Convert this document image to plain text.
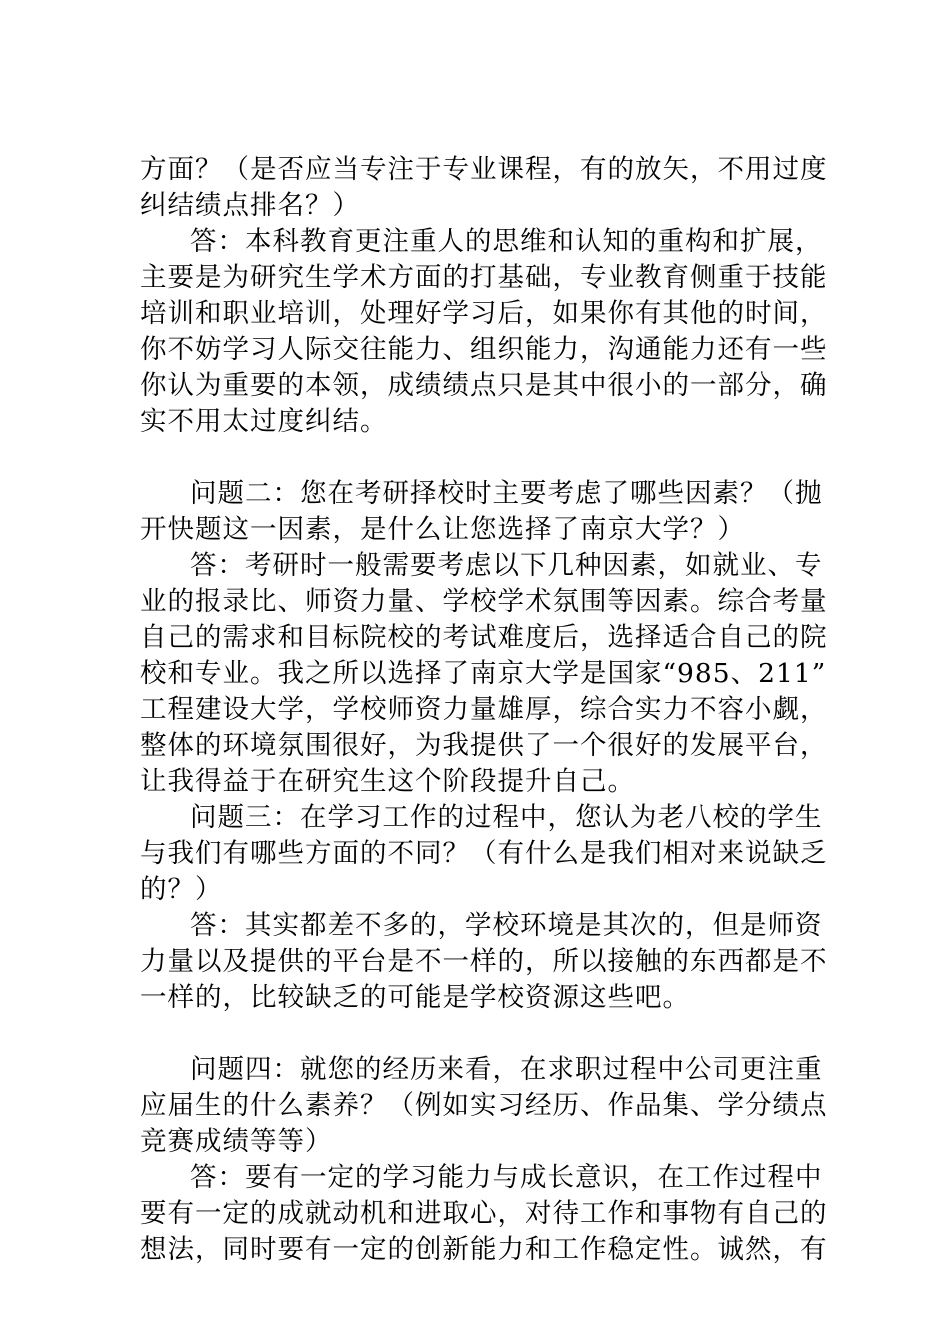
方面？（是否应当专注于专业课程，有的放矢，不用过度
纠结绩点排名？）
答：本科教育更注重人的思维和认知的重构和扩展，
主要是为研究生学术方面的打基础，专业教育侧重于技能
培训和职业培训，处理好学习后，如果你有其他的时间，
你不妨学习人际交往能力、组织能力，沟通能力还有一些
你认为重要的本领，成绩绩点只是其中很小的一部分，确
实不用太过度纠结。
问题二：您在考研择校时主要考虑了哪些因素？（抛
开快题这一因素，是什么让您选择了南京大学？）
答：考研时一般需要考虑以下几种因素，如就业、专
业的报录比、师资力量、学校学术氛围等因素。综合考量
自己的需求和目标院校的考试难度后，选择适合自己的院
校和专业。我之所以选择了南京大学是国家“985、211”
工程建设大学，学校师资力量雄厚，综合实力不容小觑，
整体的环境氛围很好，为我提供了一个很好的发展平台，
让我得益于在研究生这个阶段提升自己。
问题三：在学习工作的过程中，您认为老八校的学生
与我们有哪些方面的不同？（有什么是我们相对来说缺乏
的？）
答：其实都差不多的，学校环境是其次的，但是师资
力量以及提供的平台是不一样的，所以接触的东西都是不
一样的，比较缺乏的可能是学校资源这些吧。
问题四：就您的经历来看，在求职过程中公司更注重
应届生的什么素养？（例如实习经历、作品集、学分绩点
竞赛成绩等等）
答：要有一定的学习能力与成长意识，在工作过程中
要有一定的成就动机和进取心，对待工作和事物有自己的
想法，同时要有一定的创新能力和工作稳定性。诚然，有
